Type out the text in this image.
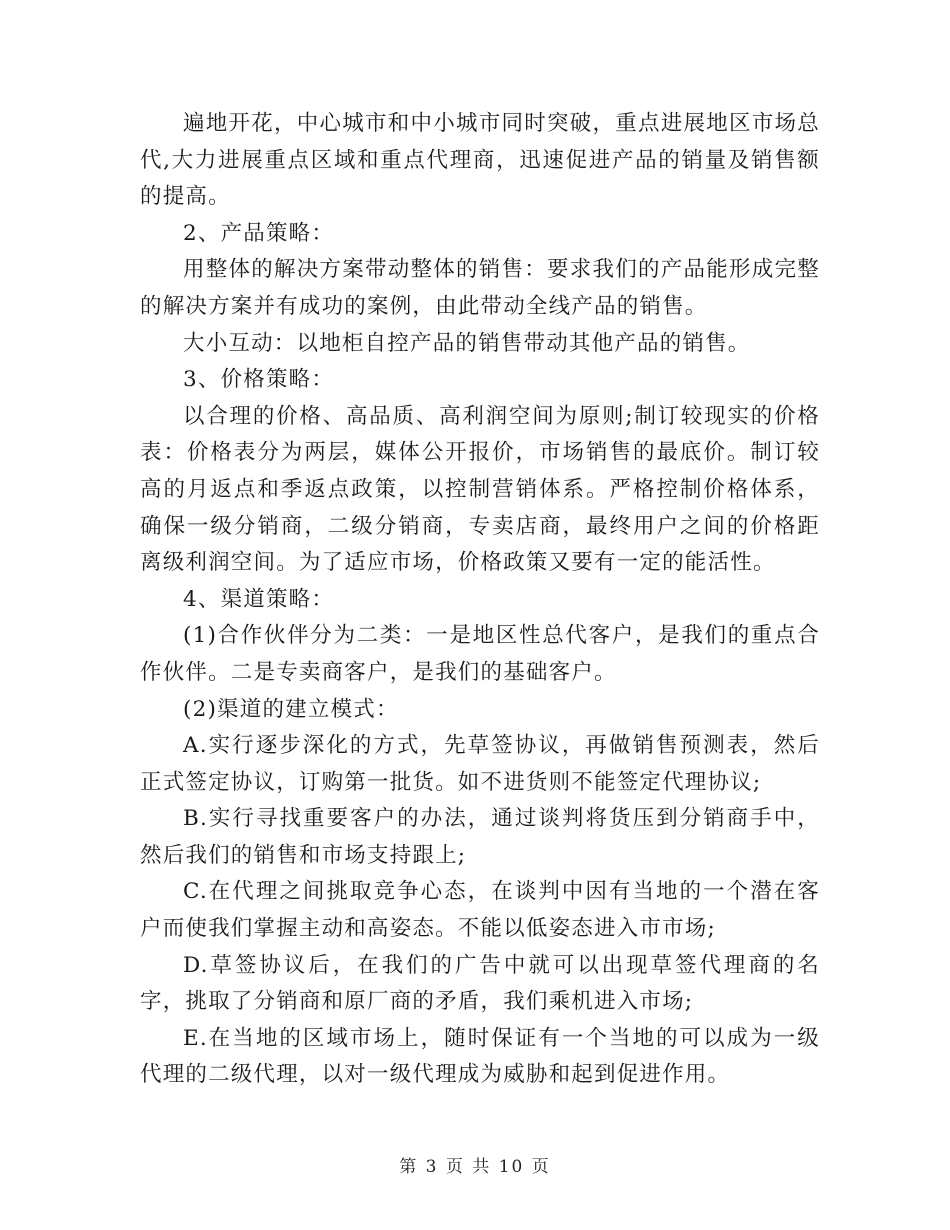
遍地开花，中心城市和中小城市同时突破，重点进展地区市场总代,大力进展重点区域和重点代理商，迅速促进产品的销量及销售额的提高。

2、产品策略：

用整体的解决方案带动整体的销售：要求我们的产品能形成完整的解决方案并有成功的案例，由此带动全线产品的销售。

大小互动：以地柜自控产品的销售带动其他产品的销售。

3、价格策略：

以合理的价格、高品质、高利润空间为原则;制订较现实的价格表：价格表分为两层，媒体公开报价，市场销售的最底价。制订较高的月返点和季返点政策，以控制营销体系。严格控制价格体系，确保一级分销商，二级分销商，专卖店商，最终用户之间的价格距离级利润空间。为了适应市场，价格政策又要有一定的能活性。

4、渠道策略：

(1)合作伙伴分为二类：一是地区性总代客户，是我们的重点合作伙伴。二是专卖商客户，是我们的基础客户。

(2)渠道的建立模式：

A.实行逐步深化的方式，先草签协议，再做销售预测表，然后正式签定协议，订购第一批货。如不进货则不能签定代理协议;

B.实行寻找重要客户的办法，通过谈判将货压到分销商手中，然后我们的销售和市场支持跟上;

C.在代理之间挑取竞争心态，在谈判中因有当地的一个潜在客户而使我们掌握主动和高姿态。不能以低姿态进入市市场;

D.草签协议后，在我们的广告中就可以出现草签代理商的名字，挑取了分销商和原厂商的矛盾，我们乘机进入市场;

E.在当地的区域市场上，随时保证有一个当地的可以成为一级代理的二级代理，以对一级代理成为威胁和起到促进作用。

第 3 页 共 10 页
